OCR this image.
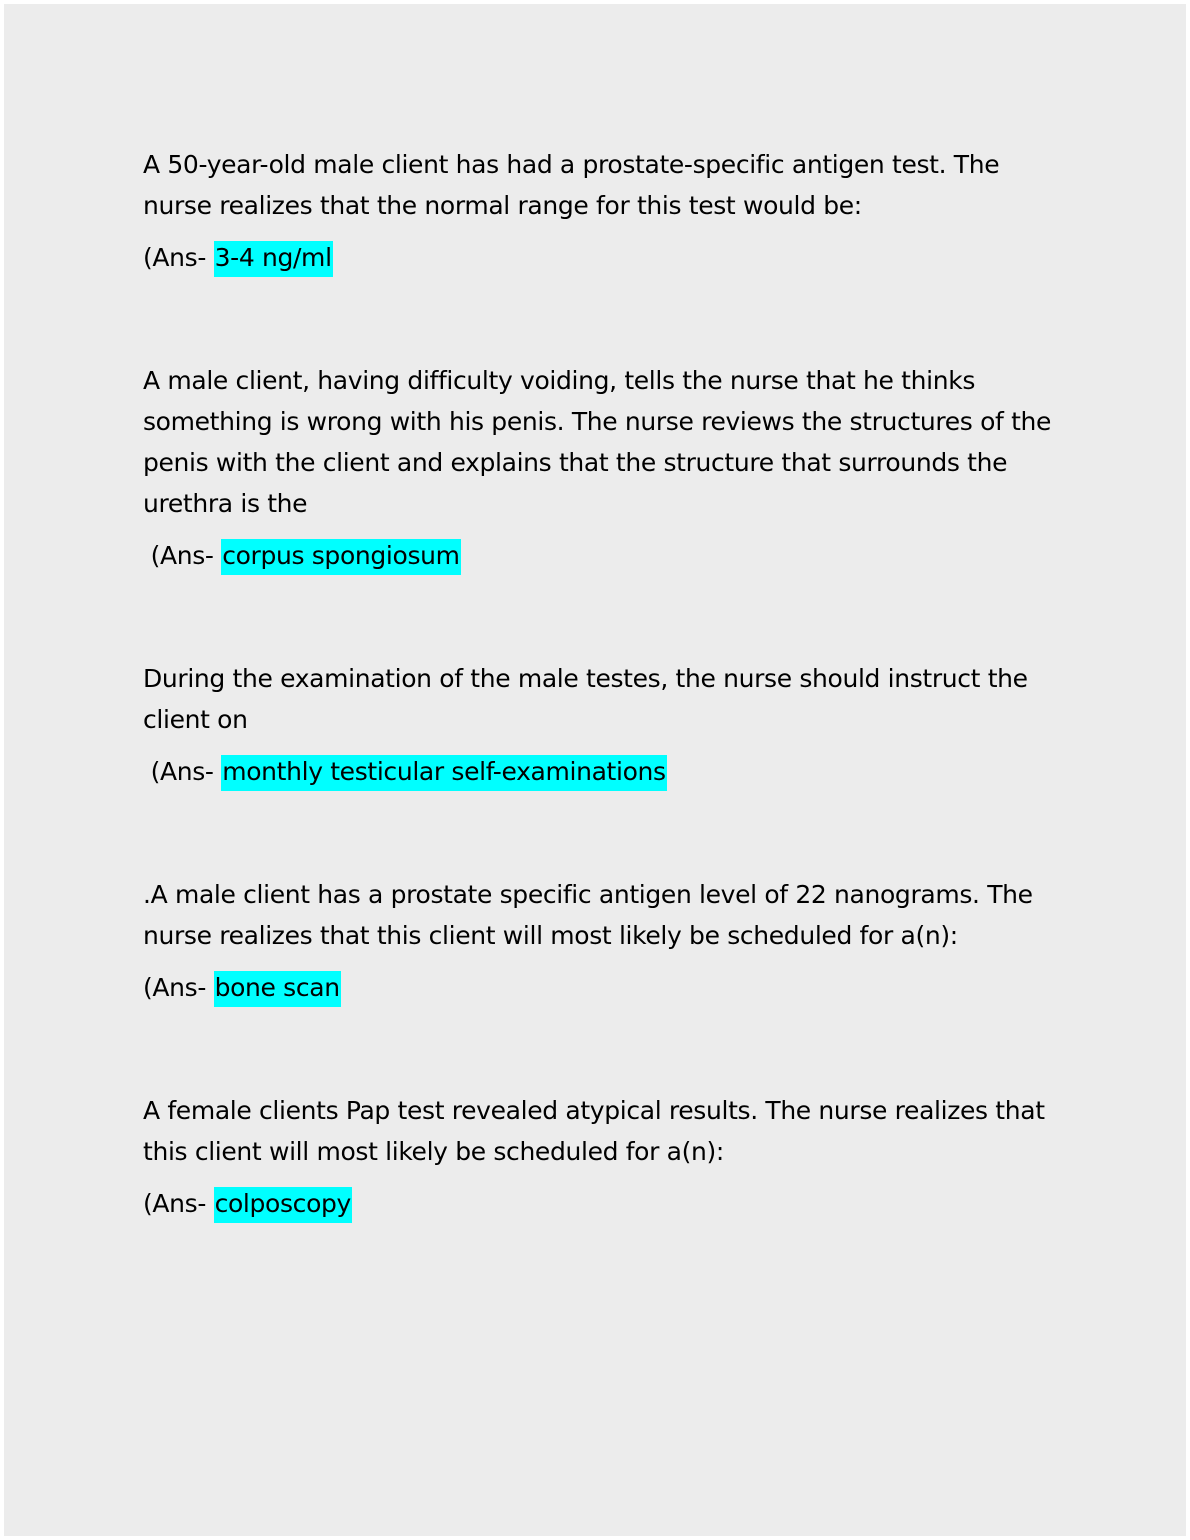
A 50-year-old male client has had a prostate-specific antigen test. The nurse realizes that the normal range for this test would be:

(Ans- 3-4 ng/ml

A male client, having difficulty voiding, tells the nurse that he thinks something is wrong with his penis. The nurse reviews the structures of the penis with the client and explains that the structure that surrounds the urethra is the

(Ans- corpus spongiosum

During the examination of the male testes, the nurse should instruct the client on

(Ans- monthly testicular self-examinations

.A male client has a prostate specific antigen level of 22 nanograms. The nurse realizes that this client will most likely be scheduled for a(n):

(Ans- bone scan

A female clients Pap test revealed atypical results. The nurse realizes that this client will most likely be scheduled for a(n):

(Ans- colposcopy
